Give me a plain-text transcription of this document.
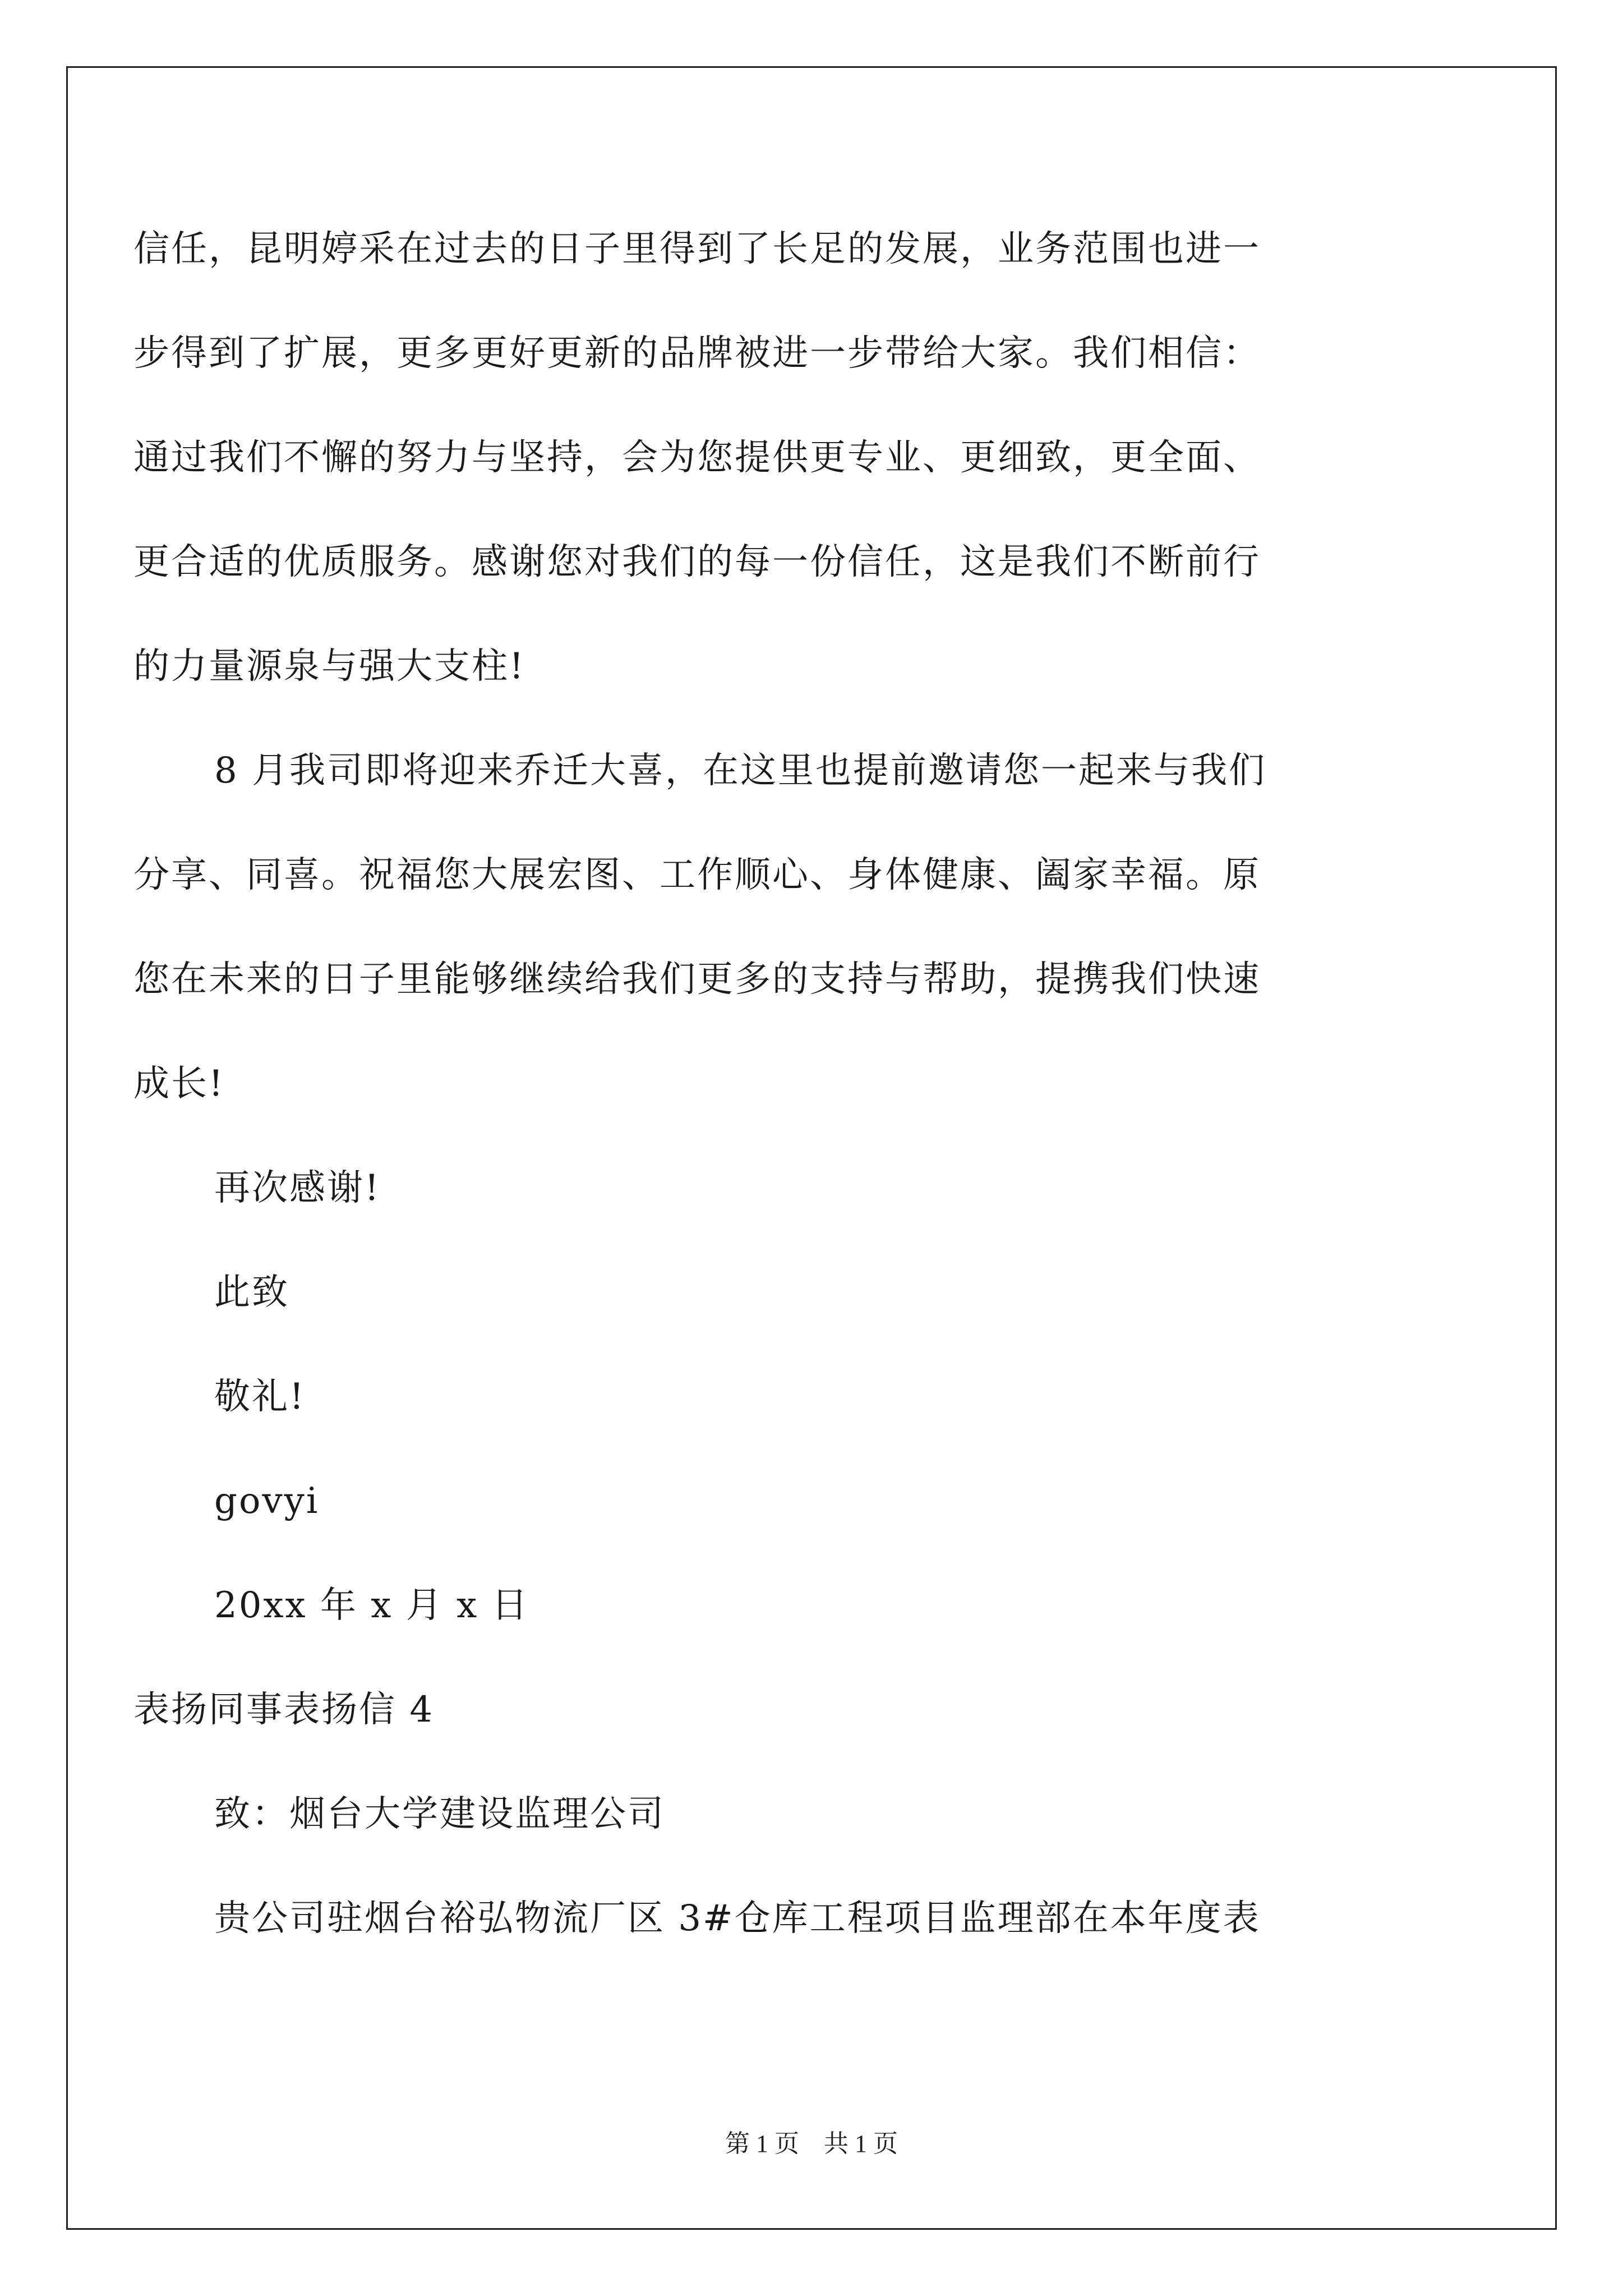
信任，昆明婷采在过去的日子里得到了长足的发展，业务范围也进一
步得到了扩展，更多更好更新的品牌被进一步带给大家。我们相信：
通过我们不懈的努力与坚持，会为您提供更专业、更细致，更全面、
更合适的优质服务。感谢您对我们的每一份信任，这是我们不断前行
的力量源泉与强大支柱!
8 月我司即将迎来乔迁大喜，在这里也提前邀请您一起来与我们
分享、同喜。祝福您大展宏图、工作顺心、身体健康、阖家幸福。原
您在未来的日子里能够继续给我们更多的支持与帮助，提携我们快速
成长!
再次感谢!
此致
敬礼!
govyi
20xx 年 x 月 x 日
表扬同事表扬信 4
致：烟台大学建设监理公司
贵公司驻烟台裕弘物流厂区 3#仓库工程项目监理部在本年度表
第 1 页　共 1 页
